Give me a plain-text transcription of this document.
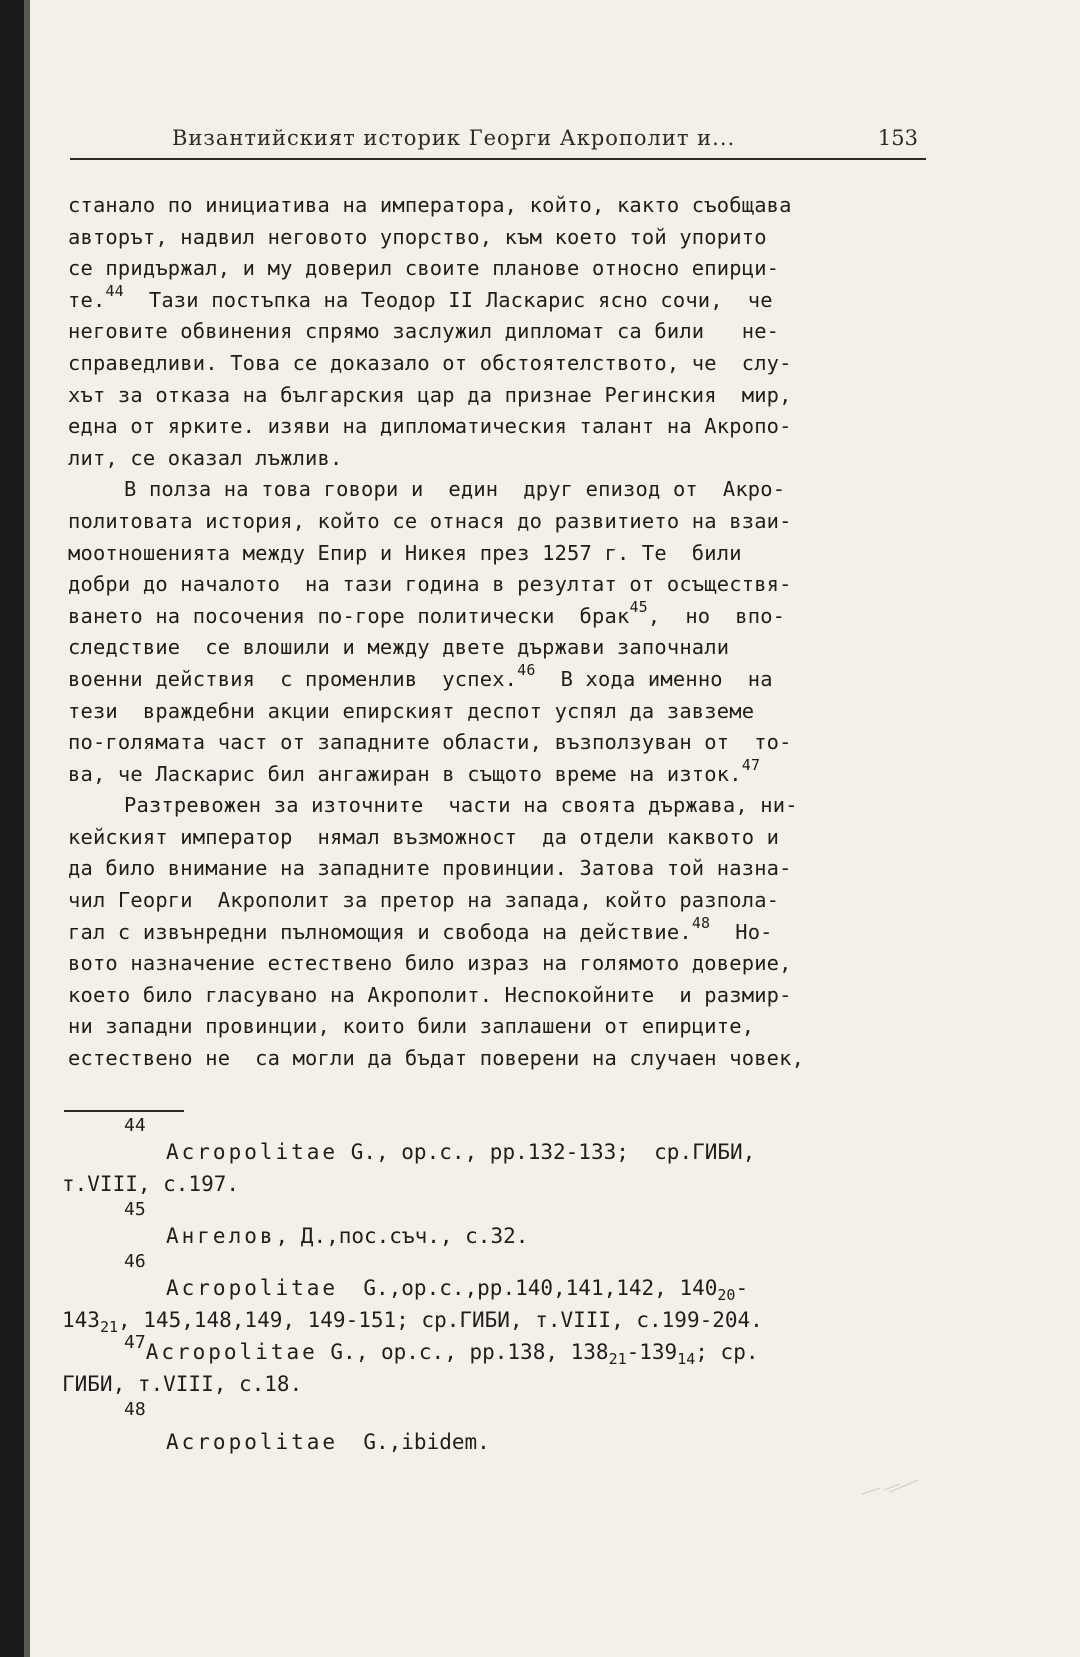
Византийският историк Георги Акрополит и...	153
станало по инициатива на императора, който, както съобщава
авторът, надвил неговото упорство, към което той упорито
се придържал, и му доверил своите планове относно епирци-
те.$^{44}$  Тази постъпка на Теодор II Ласкарис ясно сочи,  че
неговите обвинения спрямо заслужил дипломат са били   не-
справедливи. Това се доказало от обстоятелството, че  слу-
хът за отказа на българския цар да признае Регинския  мир,
една от ярките. изяви на дипломатическия талант на Акропо-
лит, се оказал лъжлив.
В полза на това говори и  един  друг епизод от  Акро-
политовата история, който се отнася до развитието на взаи-
моотношенията между Епир и Никея през 1257 г. Те  били
добри до началото  на тази година в резултат от осъществя-
ването на посочения по-горе политически  брак$^{45}$,  но  впо-
следствие  се влошили и между двете държави започнали
военни действия  с променлив  успех.$^{46}$  В хода именно  на
тези  враждебни акции епирският деспот успял да завземе
по-голямата част от западните области, възползуван от  то-
ва, че Ласкарис бил ангажиран в същото време на изток.$^{47}$
Разтревожен за източните  части на своята държава, ни-
кейският император  нямал възможност  да отдели каквото и
да било внимание на западните провинции. Затова той назна-
чил Георги  Акрополит за претор на запада, който разпола-
гал с извънредни пълномощия и свобода на действие.$^{48}$  Но-
вото назначение естествено било израз на голямото доверие,
което било гласувано на Акрополит. Неспокойните  и размир-
ни западни провинции, които били заплашени от епирците,
естествено не  са могли да бъдат поверени на случаен човек,
44
Acropolitae G., op.c., pp.132-133;  ср.ГИБИ,
т.VIII, с.197.
45
Ангелов, Д.,пос.съч., с.32.
46
Acropolitae  G.,op.c.,pp.140,141,142, $140_{20}-$
$143_{21}$, 145,148,149, 149-151; ср.ГИБИ, т.VIII, с.199-204.
$^{47}$Acropolitae G., op.c., pp.138, $138_{21}-139_{14}$; ср.
ГИБИ, т.VIII, с.18.
48
Acropolitae  G.,ibidem.
